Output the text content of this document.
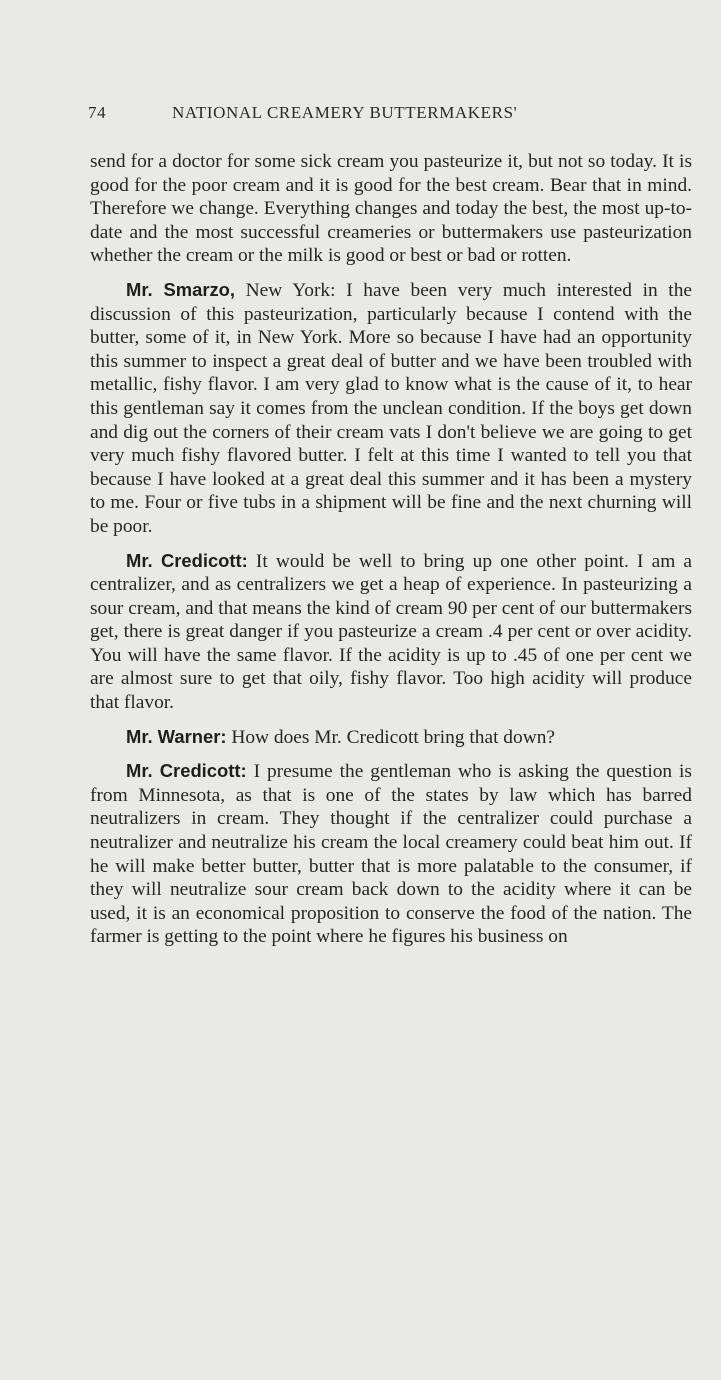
74	NATIONAL CREAMERY BUTTERMAKERS'

send for a doctor for some sick cream you pasteurize it, but not so today. It is good for the poor cream and it is good for the best cream. Bear that in mind. Therefore we change. Everything changes and today the best, the most up-to-date and the most successful creameries or buttermakers use pasteurization whether the cream or the milk is good or best or bad or rotten.

Mr. Smarzo, New York: I have been very much interested in the discussion of this pasteurization, particularly because I contend with the butter, some of it, in New York. More so because I have had an opportunity this summer to inspect a great deal of butter and we have been troubled with metallic, fishy flavor. I am very glad to know what is the cause of it, to hear this gentleman say it comes from the unclean condition. If the boys get down and dig out the corners of their cream vats I don't believe we are going to get very much fishy flavored butter. I felt at this time I wanted to tell you that because I have looked at a great deal this summer and it has been a mystery to me. Four or five tubs in a shipment will be fine and the next churning will be poor.

Mr. Credicott: It would be well to bring up one other point. I am a centralizer, and as centralizers we get a heap of experience. In pasteurizing a sour cream, and that means the kind of cream 90 per cent of our buttermakers get, there is great danger if you pasteurize a cream .4 per cent or over acidity. You will have the same flavor. If the acidity is up to .45 of one per cent we are almost sure to get that oily, fishy flavor. Too high acidity will produce that flavor.

Mr. Warner: How does Mr. Credicott bring that down?

Mr. Credicott: I presume the gentleman who is asking the question is from Minnesota, as that is one of the states by law which has barred neutralizers in cream. They thought if the centralizer could purchase a neutralizer and neutralize his cream the local creamery could beat him out. If he will make better butter, butter that is more palatable to the consumer, if they will neutralize sour cream back down to the acidity where it can be used, it is an economical proposition to conserve the food of the nation. The farmer is getting to the point where he figures his business on
